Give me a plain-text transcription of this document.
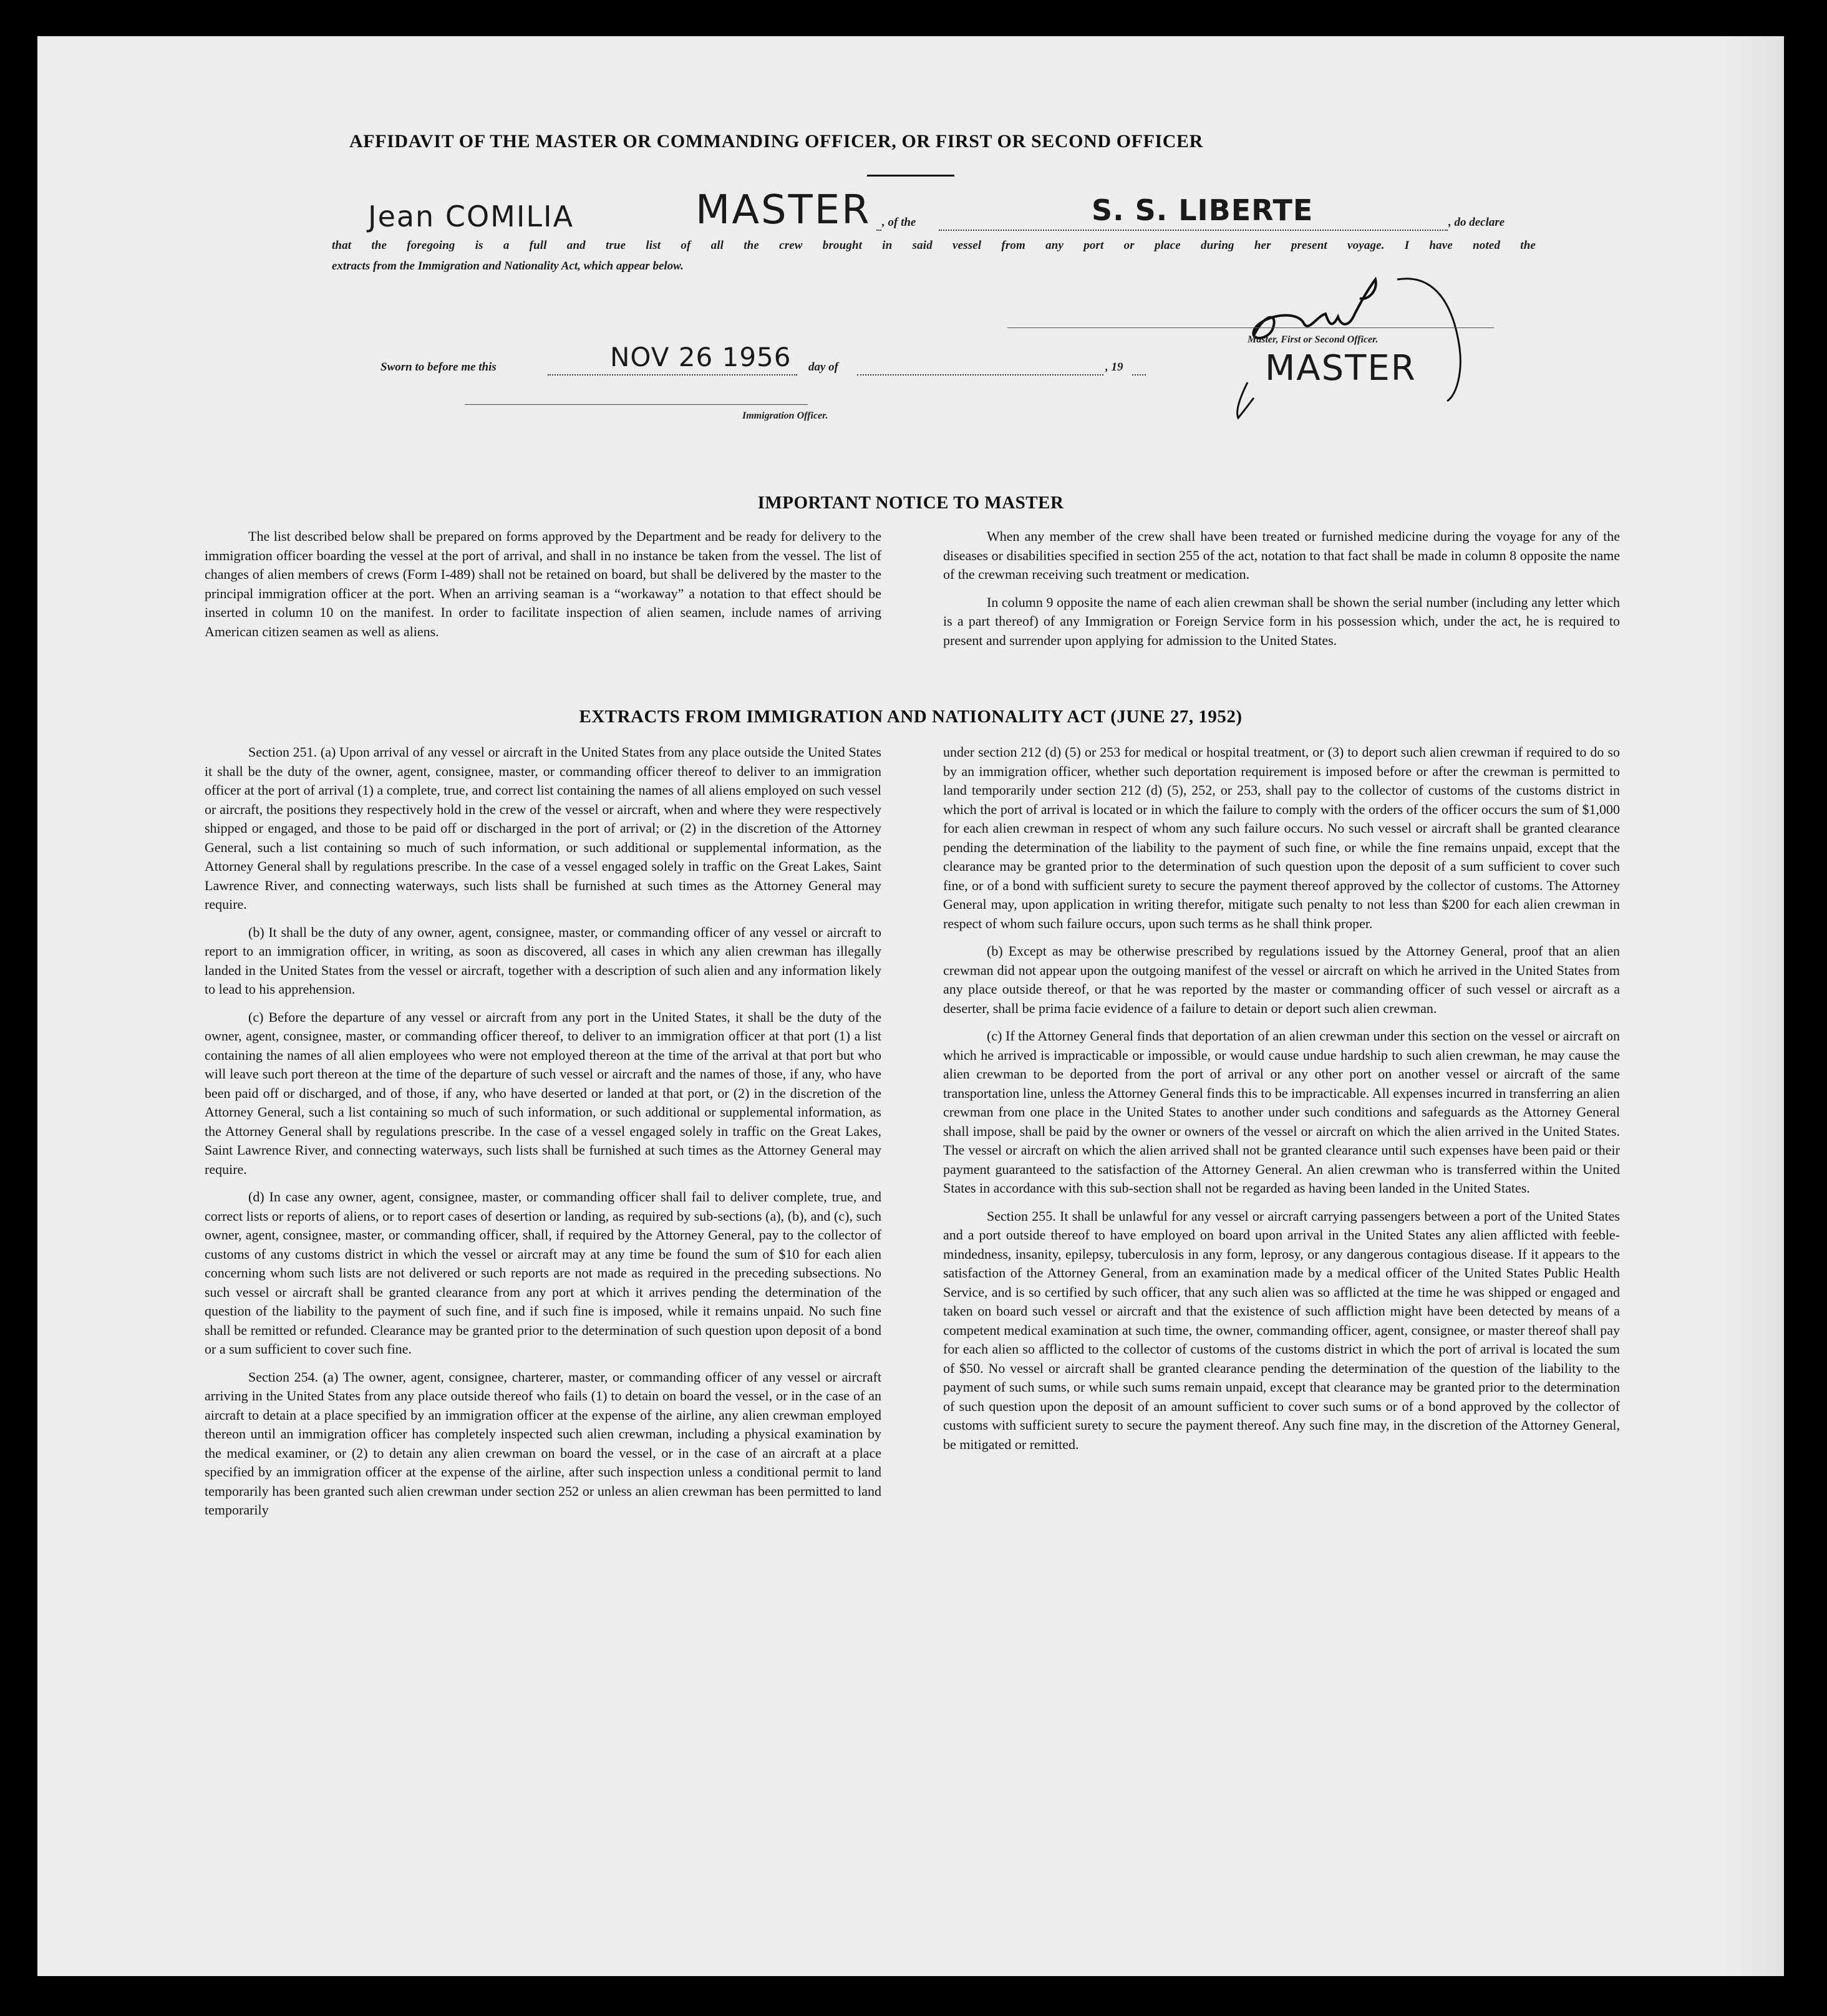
AFFIDAVIT OF THE MASTER OR COMMANDING OFFICER, OR FIRST OR SECOND OFFICER
Jean COMILIA	MASTER , of the	S. S. LIBERTE	, do declare
that the foregoing is a full and true list of all the crew brought in said vessel from any port or place during her present voyage. I have noted the
extracts from the Immigration and Nationality Act, which appear below.
Master, First or Second Officer.
MASTER
Sworn to before me this	NOV 26 1956 day of	, 19
Immigration Officer.
IMPORTANT NOTICE TO MASTER

The list described below shall be prepared on forms approved by the Department and be ready for delivery to the immigration officer boarding the vessel at the port of arrival, and shall in no instance be taken from the vessel. The list of changes of alien members of crews (Form I-489) shall not be retained on board, but shall be delivered by the master to the principal immigration officer at the port. When an arriving seaman is a “workaway” a notation to that effect should be inserted in column 10 on the manifest. In order to facilitate inspection of alien seamen, include names of arriving American citizen seamen as well as aliens.

When any member of the crew shall have been treated or furnished medicine during the voyage for any of the diseases or disabilities specified in section 255 of the act, notation to that fact shall be made in column 8 opposite the name of the crewman receiving such treatment or medication.

In column 9 opposite the name of each alien crewman shall be shown the serial number (including any letter which is a part thereof) of any Immigration or Foreign Service form in his possession which, under the act, he is required to present and surrender upon applying for admission to the United States.

EXTRACTS FROM IMMIGRATION AND NATIONALITY ACT (JUNE 27, 1952)

Section 251. (a) Upon arrival of any vessel or aircraft in the United States from any place outside the United States it shall be the duty of the owner, agent, consignee, master, or commanding officer thereof to deliver to an immigration officer at the port of arrival (1) a complete, true, and correct list containing the names of all aliens employed on such vessel or aircraft, the positions they respectively hold in the crew of the vessel or aircraft, when and where they were respectively shipped or engaged, and those to be paid off or discharged in the port of arrival; or (2) in the discretion of the Attorney General, such a list containing so much of such information, or such additional or supplemental information, as the Attorney General shall by regulations prescribe. In the case of a vessel engaged solely in traffic on the Great Lakes, Saint Lawrence River, and connecting waterways, such lists shall be furnished at such times as the Attorney General may require.

(b) It shall be the duty of any owner, agent, consignee, master, or commanding officer of any vessel or aircraft to report to an immigration officer, in writing, as soon as discovered, all cases in which any alien crewman has illegally landed in the United States from the vessel or aircraft, together with a description of such alien and any information likely to lead to his apprehension.

(c) Before the departure of any vessel or aircraft from any port in the United States, it shall be the duty of the owner, agent, consignee, master, or commanding officer thereof, to deliver to an immigration officer at that port (1) a list containing the names of all alien employees who were not employed thereon at the time of the arrival at that port but who will leave such port thereon at the time of the departure of such vessel or aircraft and the names of those, if any, who have been paid off or discharged, and of those, if any, who have deserted or landed at that port, or (2) in the discretion of the Attorney General, such a list containing so much of such information, or such additional or supplemental information, as the Attorney General shall by regulations prescribe. In the case of a vessel engaged solely in traffic on the Great Lakes, Saint Lawrence River, and connecting waterways, such lists shall be furnished at such times as the Attorney General may require.

(d) In case any owner, agent, consignee, master, or commanding officer shall fail to deliver complete, true, and correct lists or reports of aliens, or to report cases of desertion or landing, as required by sub-sections (a), (b), and (c), such owner, agent, consignee, master, or commanding officer, shall, if required by the Attorney General, pay to the collector of customs of any customs district in which the vessel or aircraft may at any time be found the sum of $10 for each alien concerning whom such lists are not delivered or such reports are not made as required in the preceding subsections. No such vessel or aircraft shall be granted clearance from any port at which it arrives pending the determination of the question of the liability to the payment of such fine, and if such fine is imposed, while it remains unpaid. No such fine shall be remitted or refunded. Clearance may be granted prior to the determination of such question upon deposit of a bond or a sum sufficient to cover such fine.

Section 254. (a) The owner, agent, consignee, charterer, master, or commanding officer of any vessel or aircraft arriving in the United States from any place outside thereof who fails (1) to detain on board the vessel, or in the case of an aircraft to detain at a place specified by an immigration officer at the expense of the airline, any alien crewman employed thereon until an immigration officer has completely inspected such alien crewman, including a physical examination by the medical examiner, or (2) to detain any alien crewman on board the vessel, or in the case of an aircraft at a place specified by an immigration officer at the expense of the airline, after such inspection unless a conditional permit to land temporarily has been granted such alien crewman under section 252 or unless an alien crewman has been permitted to land temporarily

under section 212 (d) (5) or 253 for medical or hospital treatment, or (3) to deport such alien crewman if required to do so by an immigration officer, whether such deportation requirement is imposed before or after the crewman is permitted to land temporarily under section 212 (d) (5), 252, or 253, shall pay to the collector of customs of the customs district in which the port of arrival is located or in which the failure to comply with the orders of the officer occurs the sum of $1,000 for each alien crewman in respect of whom any such failure occurs. No such vessel or aircraft shall be granted clearance pending the determination of the liability to the payment of such fine, or while the fine remains unpaid, except that the clearance may be granted prior to the determination of such question upon the deposit of a sum sufficient to cover such fine, or of a bond with sufficient surety to secure the payment thereof approved by the collector of customs. The Attorney General may, upon application in writing therefor, mitigate such penalty to not less than $200 for each alien crewman in respect of whom such failure occurs, upon such terms as he shall think proper.

(b) Except as may be otherwise prescribed by regulations issued by the Attorney General, proof that an alien crewman did not appear upon the outgoing manifest of the vessel or aircraft on which he arrived in the United States from any place outside thereof, or that he was reported by the master or commanding officer of such vessel or aircraft as a deserter, shall be prima facie evidence of a failure to detain or deport such alien crewman.

(c) If the Attorney General finds that deportation of an alien crewman under this section on the vessel or aircraft on which he arrived is impracticable or impossible, or would cause undue hardship to such alien crewman, he may cause the alien crewman to be deported from the port of arrival or any other port on another vessel or aircraft of the same transportation line, unless the Attorney General finds this to be impracticable. All expenses incurred in transferring an alien crewman from one place in the United States to another under such conditions and safeguards as the Attorney General shall impose, shall be paid by the owner or owners of the vessel or aircraft on which the alien arrived in the United States. The vessel or aircraft on which the alien arrived shall not be granted clearance until such expenses have been paid or their payment guaranteed to the satisfaction of the Attorney General. An alien crewman who is transferred within the United States in accordance with this sub-section shall not be regarded as having been landed in the United States.

Section 255. It shall be unlawful for any vessel or aircraft carrying passengers between a port of the United States and a port outside thereof to have employed on board upon arrival in the United States any alien afflicted with feeble-mindedness, insanity, epilepsy, tuberculosis in any form, leprosy, or any dangerous contagious disease. If it appears to the satisfaction of the Attorney General, from an examination made by a medical officer of the United States Public Health Service, and is so certified by such officer, that any such alien was so afflicted at the time he was shipped or engaged and taken on board such vessel or aircraft and that the existence of such affliction might have been detected by means of a competent medical examination at such time, the owner, commanding officer, agent, consignee, or master thereof shall pay for each alien so afflicted to the collector of customs of the customs district in which the port of arrival is located the sum of $50. No vessel or aircraft shall be granted clearance pending the determination of the question of the liability to the payment of such sums, or while such sums remain unpaid, except that clearance may be granted prior to the determination of such question upon the deposit of an amount sufficient to cover such sums or of a bond approved by the collector of customs with sufficient surety to secure the payment thereof. Any such fine may, in the discretion of the Attorney General, be mitigated or remitted.
